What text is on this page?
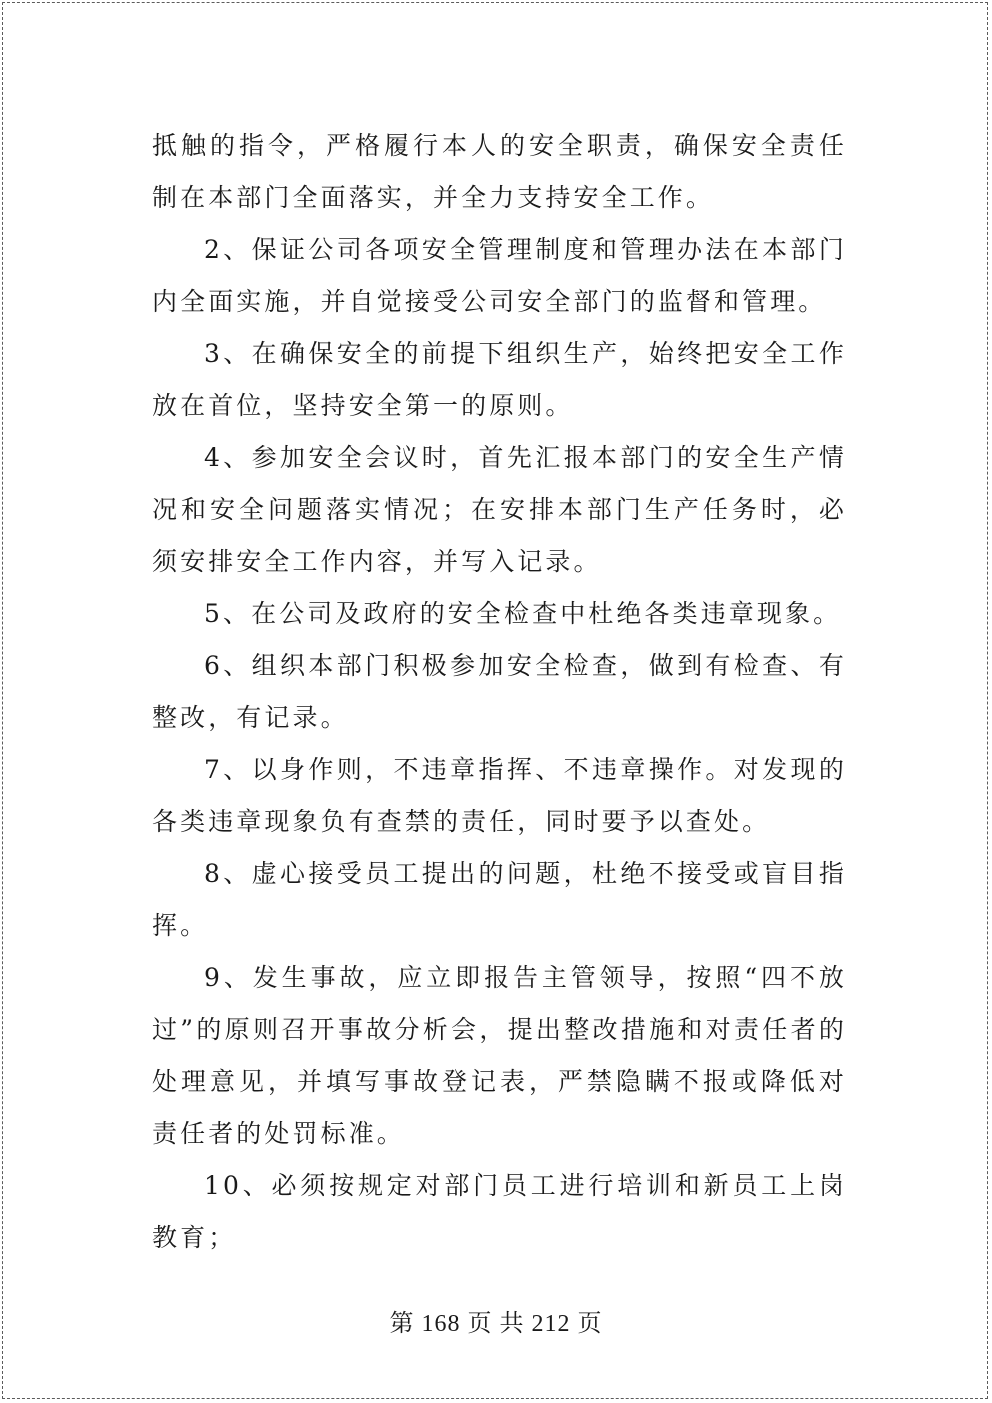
抵触的指令，严格履行本人的安全职责，确保安全责任制在本部门全面落实，并全力支持安全工作。

2、保证公司各项安全管理制度和管理办法在本部门内全面实施，并自觉接受公司安全部门的监督和管理。

3、在确保安全的前提下组织生产，始终把安全工作放在首位，坚持安全第一的原则。

4、参加安全会议时，首先汇报本部门的安全生产情况和安全问题落实情况；在安排本部门生产任务时，必须安排安全工作内容，并写入记录。

5、在公司及政府的安全检查中杜绝各类违章现象。

6、组织本部门积极参加安全检查，做到有检查、有整改，有记录。

7、以身作则，不违章指挥、不违章操作。对发现的各类违章现象负有查禁的责任，同时要予以查处。

8、虚心接受员工提出的问题，杜绝不接受或盲目指挥。

9、发生事故，应立即报告主管领导，按照“四不放过”的原则召开事故分析会，提出整改措施和对责任者的处理意见，并填写事故登记表，严禁隐瞒不报或降低对责任者的处罚标准。

10、必须按规定对部门员工进行培训和新员工上岗教育；

第 168 页 共 212 页
